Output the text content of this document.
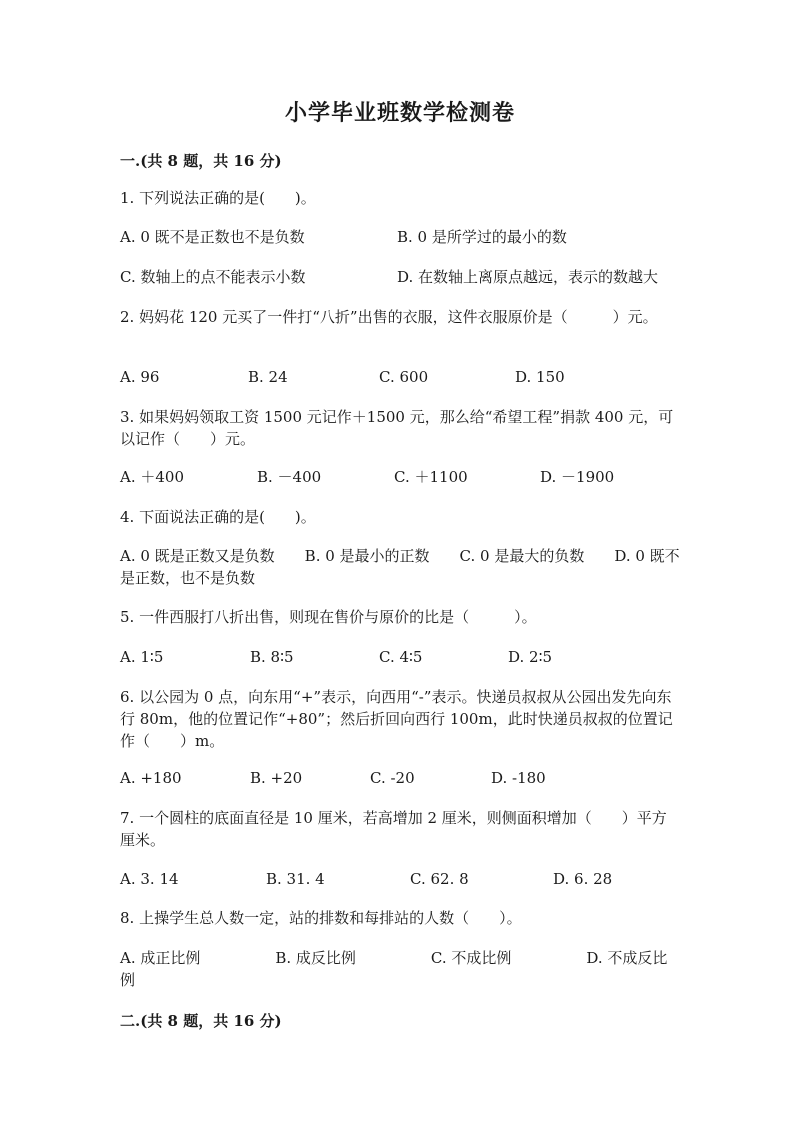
小学毕业班数学检测卷
一.(共 8 题，共 16 分)
1. 下列说法正确的是(　　)。
A. 0 既不是正数也不是负数	B. 0 是所学过的最小的数
C. 数轴上的点不能表示小数	D. 在数轴上离原点越远，表示的数越大
2. 妈妈花 120 元买了一件打“八折”出售的衣服，这件衣服原价是（　　　）元。
A. 96	B. 24	C. 600	D. 150
3. 如果妈妈领取工资 1500 元记作＋1500 元，那么给“希望工程”捐款 400 元，可以记作（　　）元。
A. ＋400	B. －400	C. ＋1100	D. －1900
4. 下面说法正确的是(　　)。
A. 0 既是正数又是负数　　B. 0 是最小的正数　　C. 0 是最大的负数　　D. 0 既不是正数，也不是负数
5. 一件西服打八折出售，则现在售价与原价的比是（　　　）。
A. 1∶5	B. 8∶5	C. 4∶5	D. 2∶5
6. 以公园为 0 点，向东用“+”表示，向西用“-”表示。快递员叔叔从公园出发先向东行 80m，他的位置记作“+80”；然后折回向西行 100m，此时快递员叔叔的位置记作（　　）m。
A. +180	B. +20	C. -20	D. -180
7. 一个圆柱的底面直径是 10 厘米，若高增加 2 厘米，则侧面积增加（　　）平方厘米。
A. 3. 14	B. 31. 4	C. 62. 8	D. 6. 28
8. 上操学生总人数一定，站的排数和每排站的人数（　　）。
A. 成正比例　　　　　B. 成反比例　　　　　C. 不成比例　　　　　D. 不成反比例
二.(共 8 题，共 16 分)
